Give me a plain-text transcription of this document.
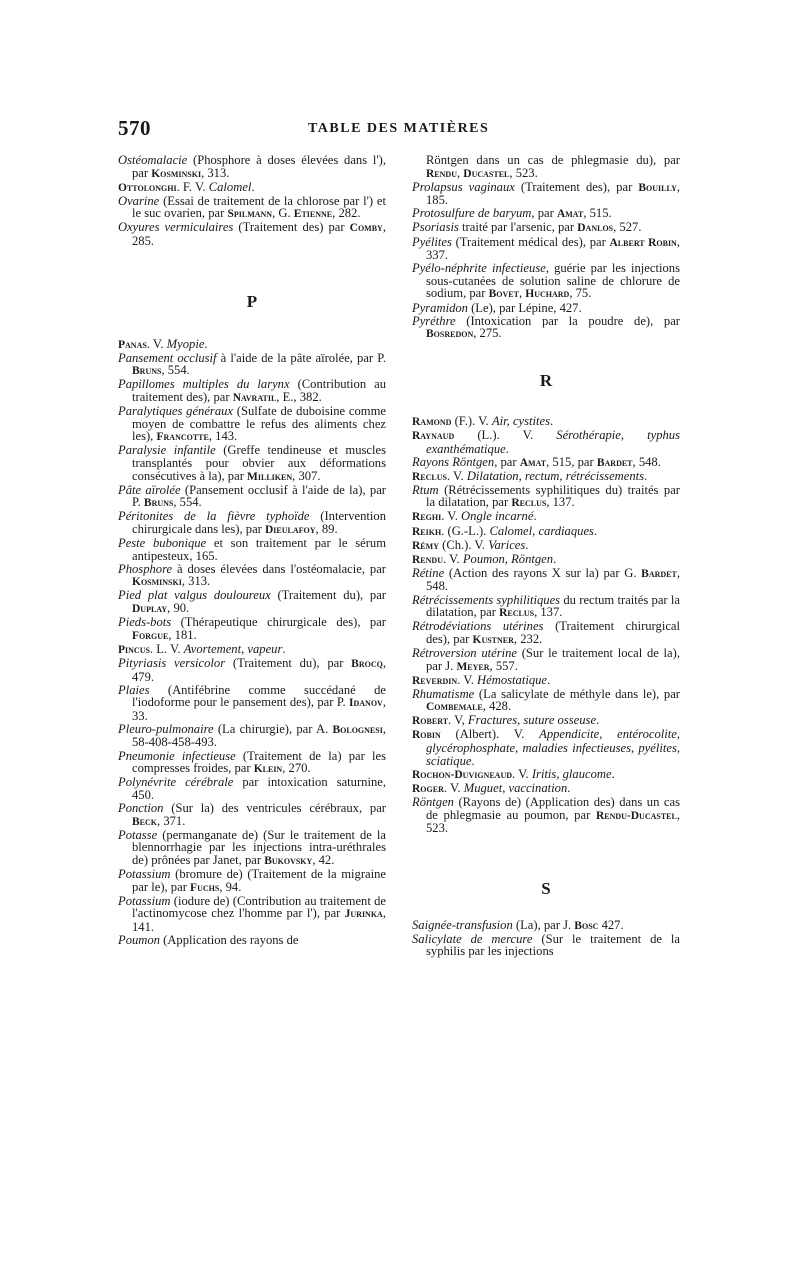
570	TABLE DES MATIÈRES

Ostéomalacie (Phosphore à doses élevées dans l'), par Kosminski, 313.

Ottolonghi. F. V. Calomel.

Ovarine (Essai de traitement de la chlorose par l') et le suc ovarien, par Spilmann, G. Etienne, 282.

Oxyures vermiculaires (Traitement des) par Comby, 285.

P

Panas. V. Myopie.

Pansement occlusif à l'aide de la pâte aïrolée, par P. Bruns, 554.

Papillomes multiples du larynx (Contribution au traitement des), par Navratil, E., 382.

Paralytiques généraux (Sulfate de duboisine comme moyen de combattre le refus des aliments chez les), Francotte, 143.

Paralysie infantile (Greffe tendineuse et muscles transplantés pour obvier aux déformations consécutives à la), par Milliken, 307.

Pâte aïrolée (Pansement occlusif à l'aide de la), par P. Bruns, 554.

Péritonites de la fièvre typhoïde (Intervention chirurgicale dans les), par Dieulafoy, 89.

Peste bubonique et son traitement par le sérum antipesteux, 165.

Phosphore à doses élevées dans l'ostéomalacie, par Kosminski, 313.

Pied plat valgus douloureux (Traitement du), par Duplay, 90.

Pieds-bots (Thérapeutique chirurgicale des), par Forgue, 181.

Pincus. L. V. Avortement, vapeur.

Pityriasis versicolor (Traitement du), par Brocq, 479.

Plaies (Antifébrine comme succédané de l'iodoforme pour le pansement des), par P. Idanov, 33.

Pleuro-pulmonaire (La chirurgie), par A. Bolognesi, 58-408-458-493.

Pneumonie infectieuse (Traitement de la) par les compresses froides, par Klein, 270.

Polynévrite cérébrale par intoxication saturnine, 450.

Ponction (Sur la) des ventricules cérébraux, par Beck, 371.

Potasse (permanganate de) (Sur le traitement de la blennorrhagie par les injections intra-uréthrales de) prônées par Janet, par Bukovsky, 42.

Potassium (bromure de) (Traitement de la migraine par le), par Fuchs, 94.

Potassium (iodure de) (Contribution au traitement de l'actinomycose chez l'homme par l'), par Jurinka, 141.

Poumon (Application des rayons de

Röntgen dans un cas de phlegmasie du), par Rendu, Ducastel, 523.

Prolapsus vaginaux (Traitement des), par Bouilly, 185.

Protosulfure de baryum, par Amat, 515.

Psoriasis traité par l'arsenic, par Danlos, 527.

Pyélites (Traitement médical des), par Albert Robin, 337.

Pyélo-néphrite infectieuse, guérie par les injections sous-cutanées de solution saline de chlorure de sodium, par Bovet, Huchard, 75.

Pyramidon (Le), par Lépine, 427.

Pyréthre (Intoxication par la poudre de), par Bosredon, 275.

R

Ramond (F.). V. Air, cystites.

Raynaud (L.). V. Sérothérapie, typhus exanthématique.

Rayons Röntgen, par Amat, 515, par Bardet, 548.

Reclus. V. Dilatation, rectum, rétrécissements.

Rtum (Rétrécissements syphilitiques du) traités par la dilatation, par Reclus, 137.

Reghi. V. Ongle incarné.

Reikh. (G.-L.). Calomel, cardiaques.

Rémy (Ch.). V. Varices.

Rendu. V. Poumon, Röntgen.

Rétine (Action des rayons X sur la) par G. Bardet, 548.

Rétrécissements syphilitiques du rectum traités par la dilatation, par Reclus, 137.

Rétrodéviations utérines (Traitement chirurgical des), par Kustner, 232.

Rétroversion utérine (Sur le traitement local de la), par J. Meyer, 557.

Reverdin. V. Hémostatique.

Rhumatisme (La salicylate de méthyle dans le), par Combemale, 428.

Robert. V, Fractures, suture osseuse.

Robin (Albert). V. Appendicite, entérocolite, glycérophosphate, maladies infectieuses, pyélites, sciatique.

Rochon-Duvigneaud. V. Iritis, glaucome.

Roger. V. Muguet, vaccination.

Röntgen (Rayons de) (Application des) dans un cas de phlegmasie au poumon, par Rendu-Ducastel, 523.

S

Saignée-transfusion (La), par J. Bosc 427.

Salicylate de mercure (Sur le traitement de la syphilis par les injections
